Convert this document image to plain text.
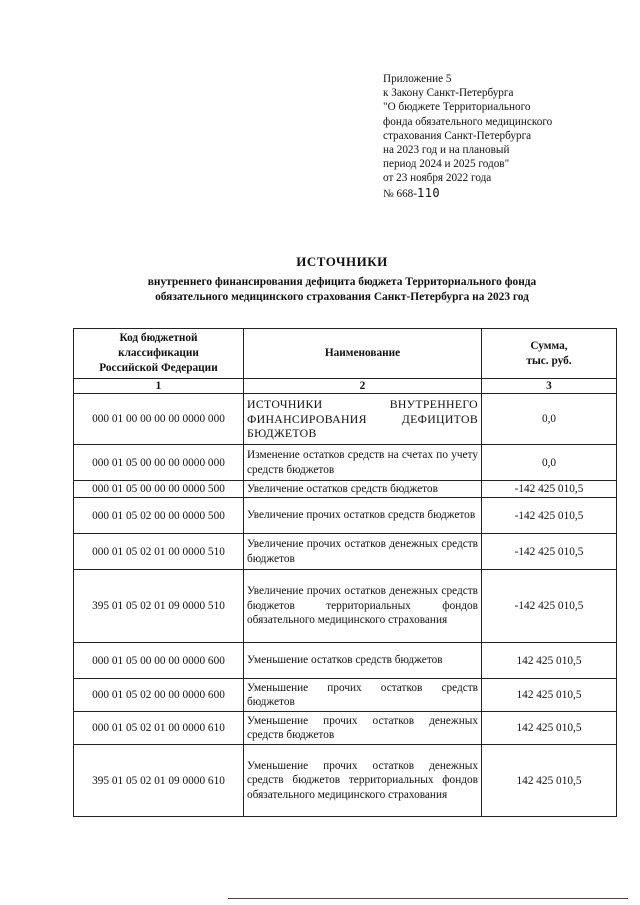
Приложение 5
к Закону Санкт-Петербурга
"О бюджете Территориального
фонда обязательного медицинского
страхования Санкт-Петербурга
на 2023 год и на плановый
период 2024 и 2025 годов"
от 23 ноября 2022 года
№ 668-110
ИСТОЧНИКИ
внутреннего финансирования дефицита бюджета Территориального фонда
обязательного медицинского страхования Санкт-Петербурга на 2023 год
Код бюджетной
классификации
Российской Федерации	Наименование	Сумма,
тыс. руб.

1	2	3
000 01 00 00 00 00 0000 000	ИСТОЧНИКИ ВНУТРЕННЕГО ФИНАНСИРОВАНИЯ ДЕФИЦИТОВ БЮДЖЕТОВ	0,0
000 01 05 00 00 00 0000 000	Изменение остатков средств на счетах по учету средств бюджетов	0,0
000 01 05 00 00 00 0000 500	Увеличение остатков средств бюджетов	-142 425 010,5
000 01 05 02 00 00 0000 500	Увеличение прочих остатков средств бюджетов	-142 425 010,5
000 01 05 02 01 00 0000 510	Увеличение прочих остатков денежных средств бюджетов	-142 425 010,5
395 01 05 02 01 09 0000 510	Увеличение прочих остатков денежных средств бюджетов территориальных фондов обязательного медицинского страхования	-142 425 010,5
000 01 05 00 00 00 0000 600	Уменьшение остатков средств бюджетов	142 425 010,5
000 01 05 02 00 00 0000 600	Уменьшение прочих остатков средств бюджетов	142 425 010,5
000 01 05 02 01 00 0000 610	Уменьшение прочих остатков денежных средств бюджетов	142 425 010,5
395 01 05 02 01 09 0000 610	Уменьшение прочих остатков денежных средств бюджетов территориальных фондов обязательного медицинского страхования	142 425 010,5
